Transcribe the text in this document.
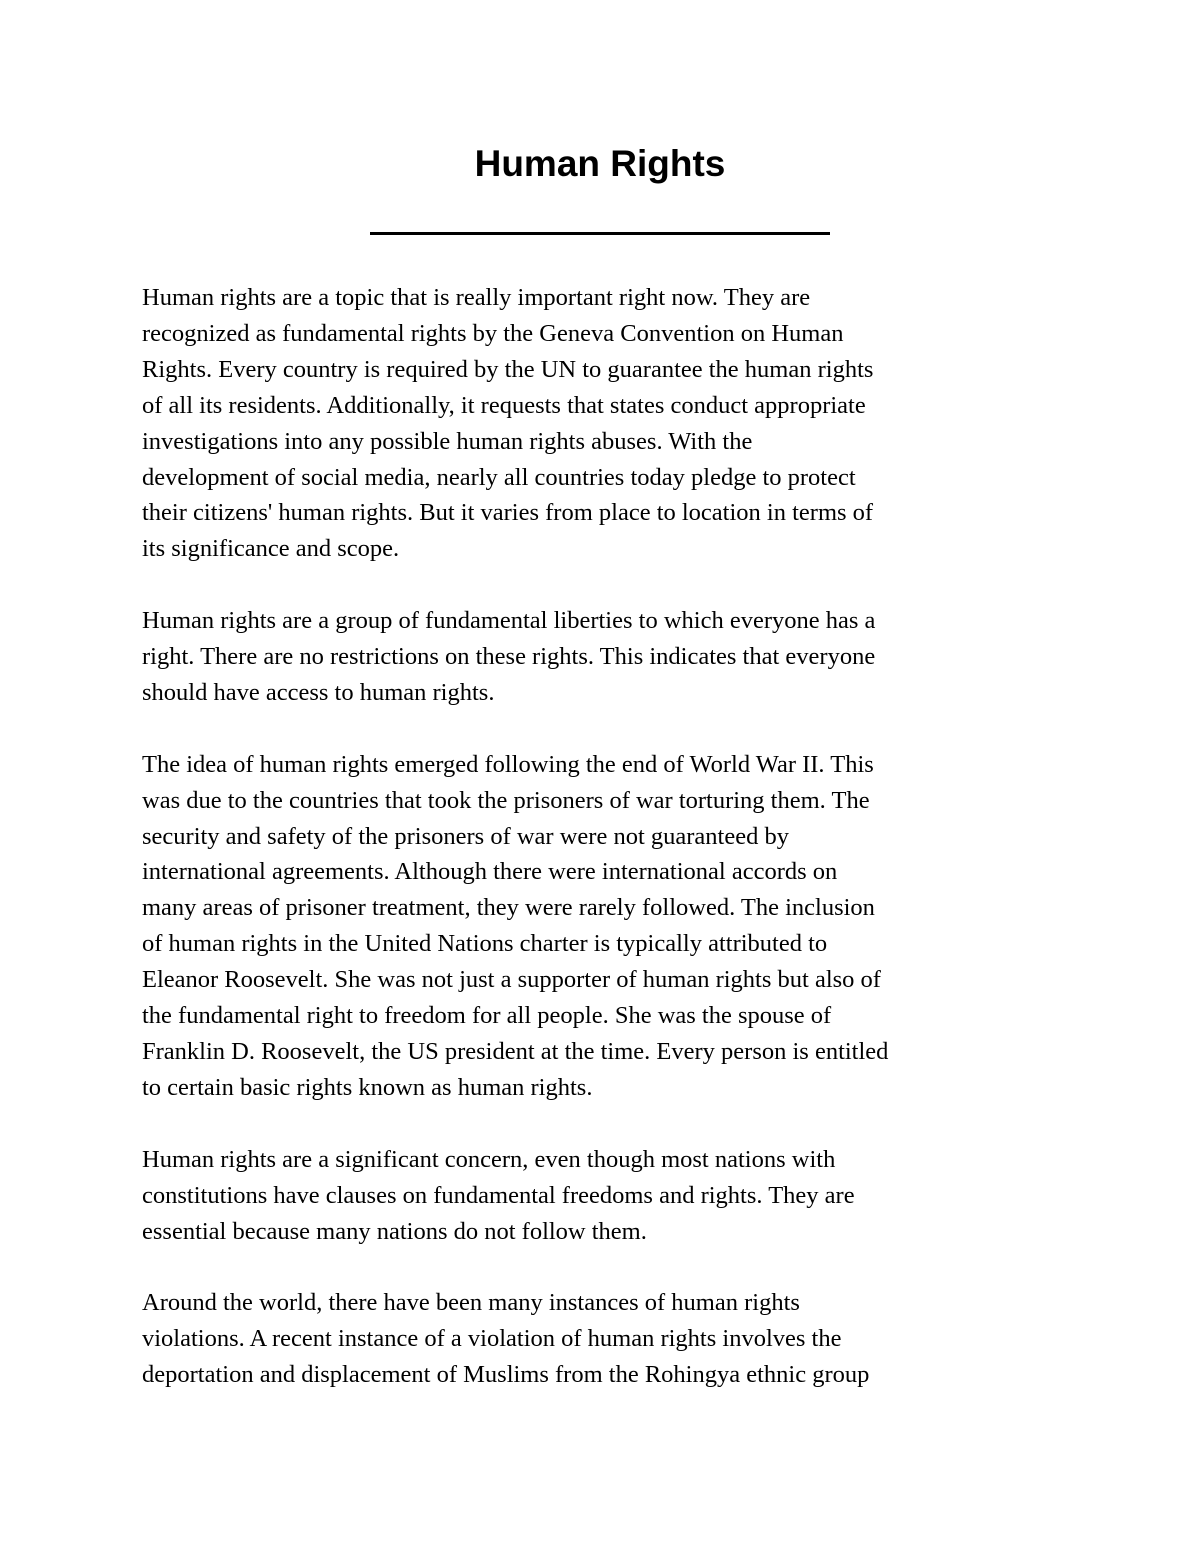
Human Rights

Human rights are a topic that is really important right now. They are
recognized as fundamental rights by the Geneva Convention on Human
Rights. Every country is required by the UN to guarantee the human rights
of all its residents. Additionally, it requests that states conduct appropriate
investigations into any possible human rights abuses. With the
development of social media, nearly all countries today pledge to protect
their citizens' human rights. But it varies from place to location in terms of
its significance and scope.

Human rights are a group of fundamental liberties to which everyone has a
right. There are no restrictions on these rights. This indicates that everyone
should have access to human rights.

The idea of human rights emerged following the end of World War II. This
was due to the countries that took the prisoners of war torturing them. The
security and safety of the prisoners of war were not guaranteed by
international agreements. Although there were international accords on
many areas of prisoner treatment, they were rarely followed. The inclusion
of human rights in the United Nations charter is typically attributed to
Eleanor Roosevelt. She was not just a supporter of human rights but also of
the fundamental right to freedom for all people. She was the spouse of
Franklin D. Roosevelt, the US president at the time. Every person is entitled
to certain basic rights known as human rights.

Human rights are a significant concern, even though most nations with
constitutions have clauses on fundamental freedoms and rights. They are
essential because many nations do not follow them.

Around the world, there have been many instances of human rights
violations. A recent instance of a violation of human rights involves the
deportation and displacement of Muslims from the Rohingya ethnic group
